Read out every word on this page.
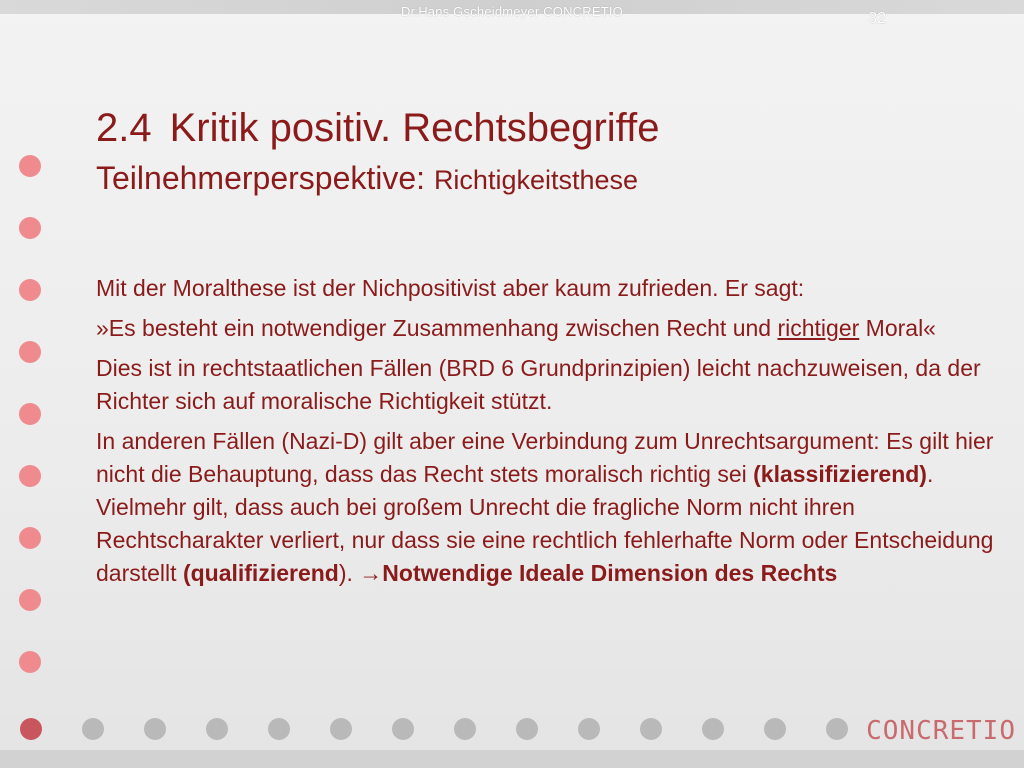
Dr.Hans Gscheidmeyer CONCRETIO	32
2.4 Kritik positiv. Rechtsbegriffe
Teilnehmerperspektive: Richtigkeitsthese

Mit der Moralthese ist der Nichpositivist aber kaum zufrieden. Er sagt:

»Es besteht ein notwendiger Zusammenhang zwischen Recht und richtiger Moral«

Dies ist in rechtstaatlichen Fällen (BRD 6 Grundprinzipien) leicht nachzuweisen, da der Richter sich auf moralische Richtigkeit stützt.

In anderen Fällen (Nazi-D) gilt aber eine Verbindung zum Unrechtsargument: Es gilt hier nicht die Behauptung, dass das Recht stets moralisch richtig sei (klassifizierend). Vielmehr gilt, dass auch bei großem Unrecht die fragliche Norm nicht ihren Rechtscharakter verliert, nur dass sie eine rechtlich fehlerhafte Norm oder Entscheidung darstellt (qualifizierend). →Notwendige Ideale Dimension des Rechts

CONCRETIO
